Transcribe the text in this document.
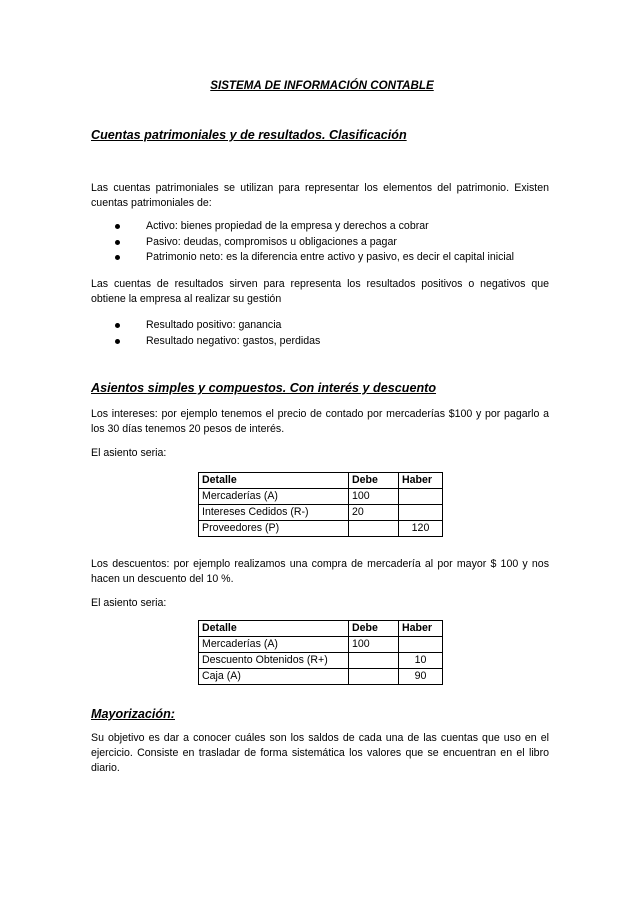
SISTEMA DE INFORMACIÓN CONTABLE
Cuentas patrimoniales y de resultados. Clasificación
Las cuentas patrimoniales se utilizan para representar los elementos del patrimonio. Existen cuentas patrimoniales de:
Activo: bienes propiedad de la empresa y derechos a cobrar
Pasivo: deudas, compromisos u obligaciones a pagar
Patrimonio neto: es la diferencia entre activo y pasivo, es decir el capital inicial
Las cuentas de resultados sirven para representa los resultados positivos o negativos que obtiene la empresa al realizar su gestión
Resultado positivo: ganancia
Resultado negativo: gastos, perdidas
Asientos simples y compuestos. Con interés y descuento
Los intereses: por ejemplo tenemos el precio de contado por mercaderías $100 y por pagarlo a los 30 días tenemos 20 pesos de interés.
El asiento seria:
Detalle	Debe	Haber
Mercaderías (A)	100	
Intereses Cedidos (R-)	20	
Proveedores (P)		120
Los descuentos: por ejemplo realizamos una compra de mercadería al por mayor $ 100 y nos hacen un descuento del 10 %.
El asiento seria:
Detalle	Debe	Haber
Mercaderías (A)	100	
Descuento Obtenidos (R+)		10
Caja (A)		90
Mayorización:
Su objetivo es dar a conocer cuáles son los saldos de cada una de las cuentas que uso en el ejercicio. Consiste en trasladar de forma sistemática los valores que se encuentran en el libro diario.
